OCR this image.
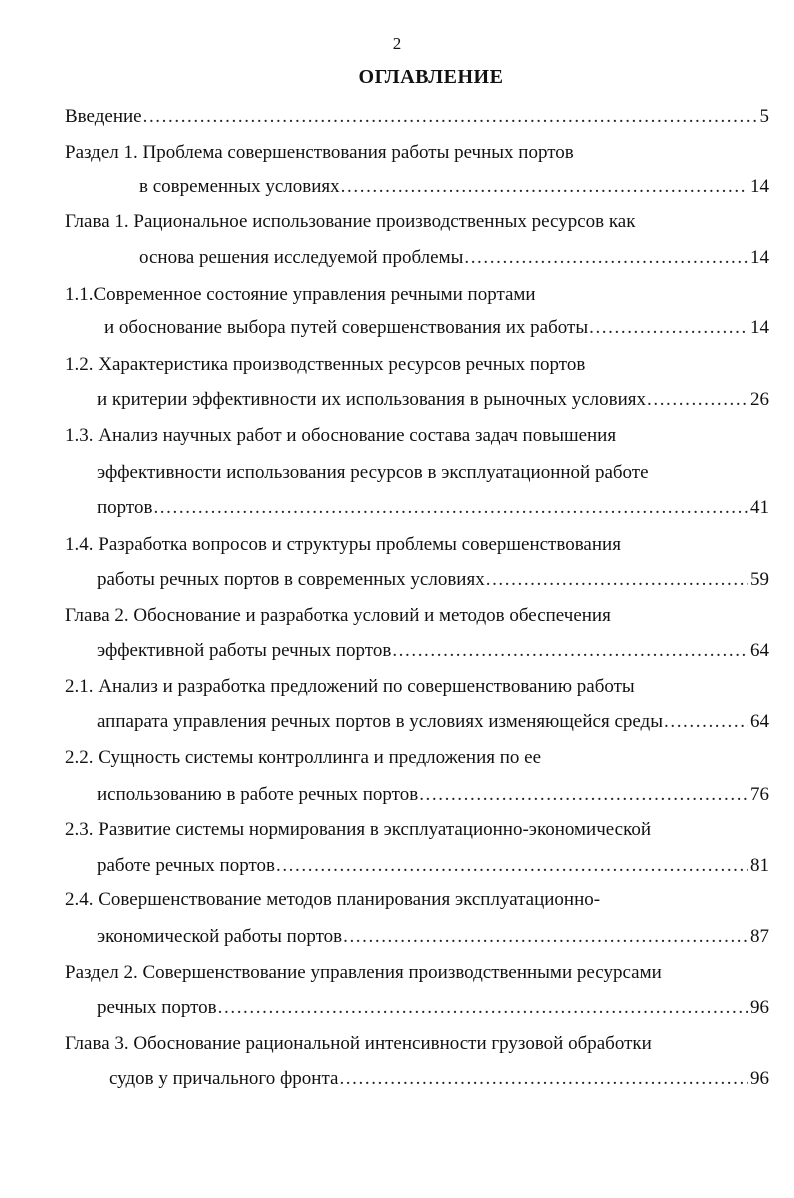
2
ОГЛАВЛЕНИЕ
Введение .....	5
Раздел 1. Проблема совершенствования работы речных портов
в современных условиях .....	14
Глава 1. Рациональное использование производственных ресурсов как
основа решения исследуемой проблемы .....	14
1.1.Современное состояние управления речными портами
и обоснование выбора путей совершенствования их работы .....	14
1.2. Характеристика производственных ресурсов речных портов
и критерии эффективности их использования в рыночных условиях .....	26
1.3. Анализ научных работ и обоснование состава задач повышения
эффективности использования ресурсов в эксплуатационной работе
портов .....	41
1.4. Разработка вопросов и структуры проблемы совершенствования
работы речных портов в современных условиях .....	59
Глава 2. Обоснование и разработка условий и методов обеспечения
эффективной работы речных портов .....	64
2.1. Анализ и разработка предложений по совершенствованию работы
аппарата управления речных портов в условиях изменяющейся среды .....	64
2.2. Сущность системы контроллинга и предложения по ее
использованию в работе речных портов .....	76
2.3. Развитие системы нормирования в эксплуатационно-экономической
работе речных портов .....	81
2.4. Совершенствование методов планирования эксплуатационно-
экономической работы портов .....	87
Раздел 2. Совершенствование управления производственными ресурсами
речных портов .....	96
Глава 3. Обоснование рациональной интенсивности грузовой обработки
судов у причального фронта .....	96
